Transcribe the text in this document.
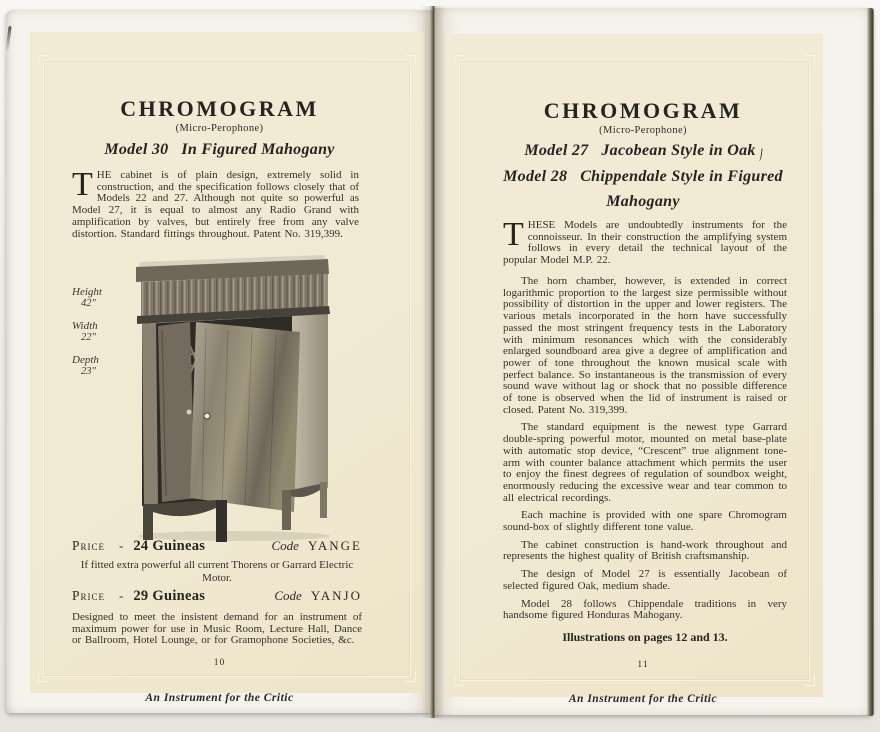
CHROMOGRAM
(Micro-Perophone)
Model 30   In Figured Mahogany
THE cabinet is of plain design, extremely solid in construction, and the specification follows closely that of Models 22 and 27. Although not quite so powerful as Model 27, it is equal to almost any Radio Grand with amplification by valves, but entirely free from any valve distortion. Standard fittings throughout. Patent No. 319,399.
Height
42"
Width
22"
Depth
23"
Price - 24 Guineas	Code YANGE
If fitted extra powerful all current Thorens or Garrard Electric Motor.
Price - 29 Guineas	Code YANJO
Designed to meet the insistent demand for an instrument of maximum power for use in Music Room, Lecture Hall, Dance or Ballroom, Hotel Lounge, or for Gramophone Societies, &c.
10
An Instrument for the Critic
CHROMOGRAM
(Micro-Perophone)
Model 27   Jacobean Style in Oak
Model 28   Chippendale Style in Figured
Mahogany
THESE Models are undoubtedly instruments for the connoisseur. In their construction the amplifying system follows in every detail the technical layout of the popular Model M.P. 22.
The horn chamber, however, is extended in correct logarithmic proportion to the largest size permissible without possibility of distortion in the upper and lower registers. The various metals incorporated in the horn have successfully passed the most stringent frequency tests in the Laboratory with minimum resonances which with the considerably enlarged soundboard area give a degree of amplification and power of tone throughout the known musical scale with perfect balance. So instantaneous is the transmission of every sound wave without lag or shock that no possible difference of tone is observed when the lid of instrument is raised or closed. Patent No. 319,399.
The standard equipment is the newest type Garrard double-spring powerful motor, mounted on metal base-plate with automatic stop device, “Crescent” true alignment tone-arm with counter balance attachment which permits the user to enjoy the finest degrees of regulation of soundbox weight, enormously reducing the excessive wear and tear common to all electrical recordings.
Each machine is provided with one spare Chromogram sound-box of slightly different tone value.
The cabinet construction is hand-work throughout and represents the highest quality of British craftsmanship.
The design of Model 27 is essentially Jacobean of selected figured Oak, medium shade.
Model 28 follows Chippendale traditions in very handsome figured Honduras Mahogany.
Illustrations on pages 12 and 13.
11
An Instrument for the Critic
